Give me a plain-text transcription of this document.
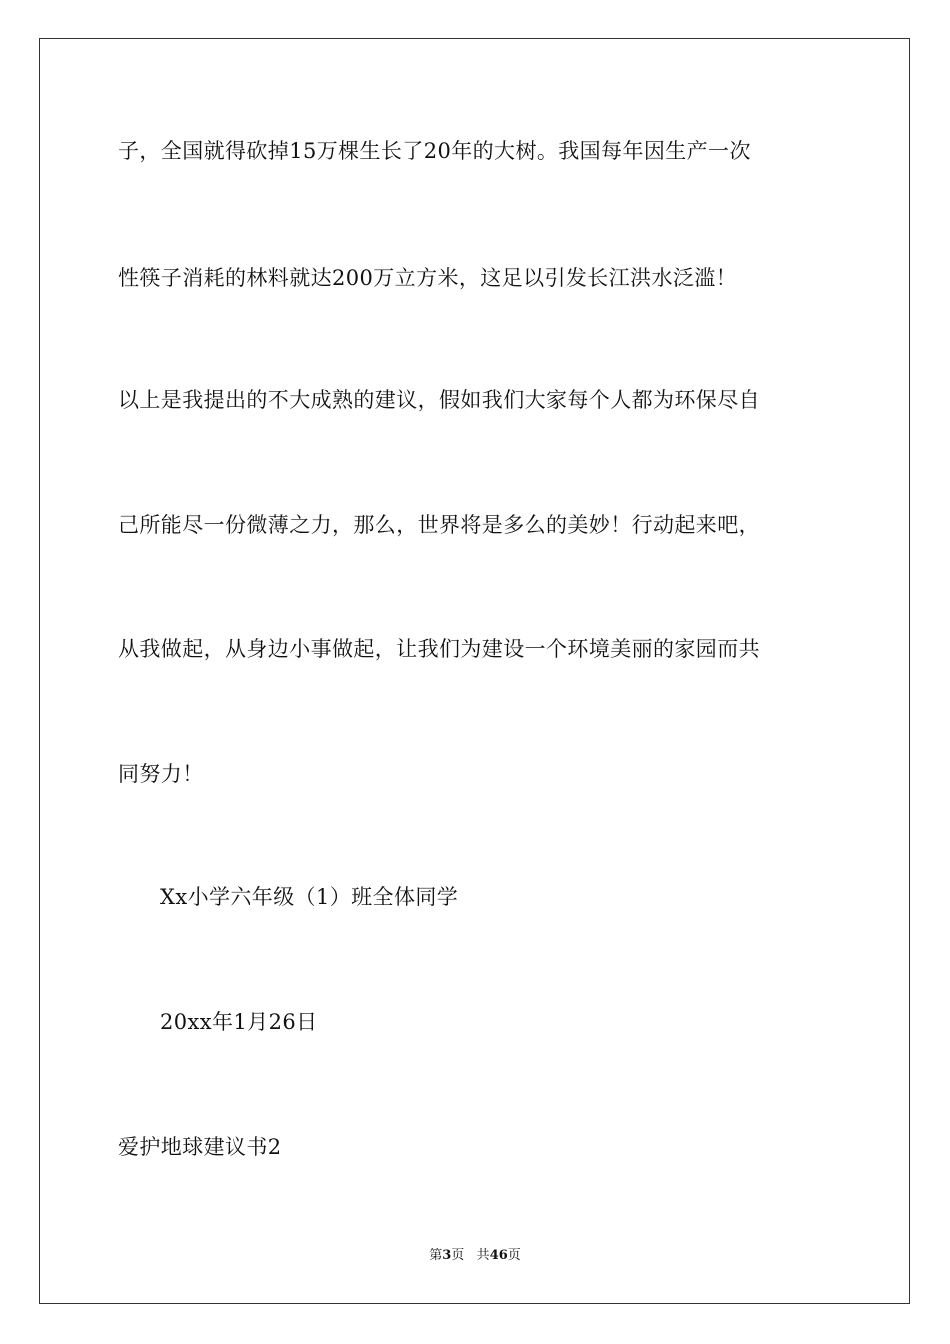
子，全国就得砍掉15万棵生长了20年的大树。我国每年因生产一次
性筷子消耗的林料就达200万立方米，这足以引发长江洪水泛滥！
以上是我提出的不大成熟的建议，假如我们大家每个人都为环保尽自
己所能尽一份微薄之力，那么，世界将是多么的美妙！行动起来吧，
从我做起，从身边小事做起，让我们为建设一个环境美丽的家园而共
同努力！
Xx小学六年级（1）班全体同学
20xx年1月26日
爱护地球建议书2
第3页 共46页
